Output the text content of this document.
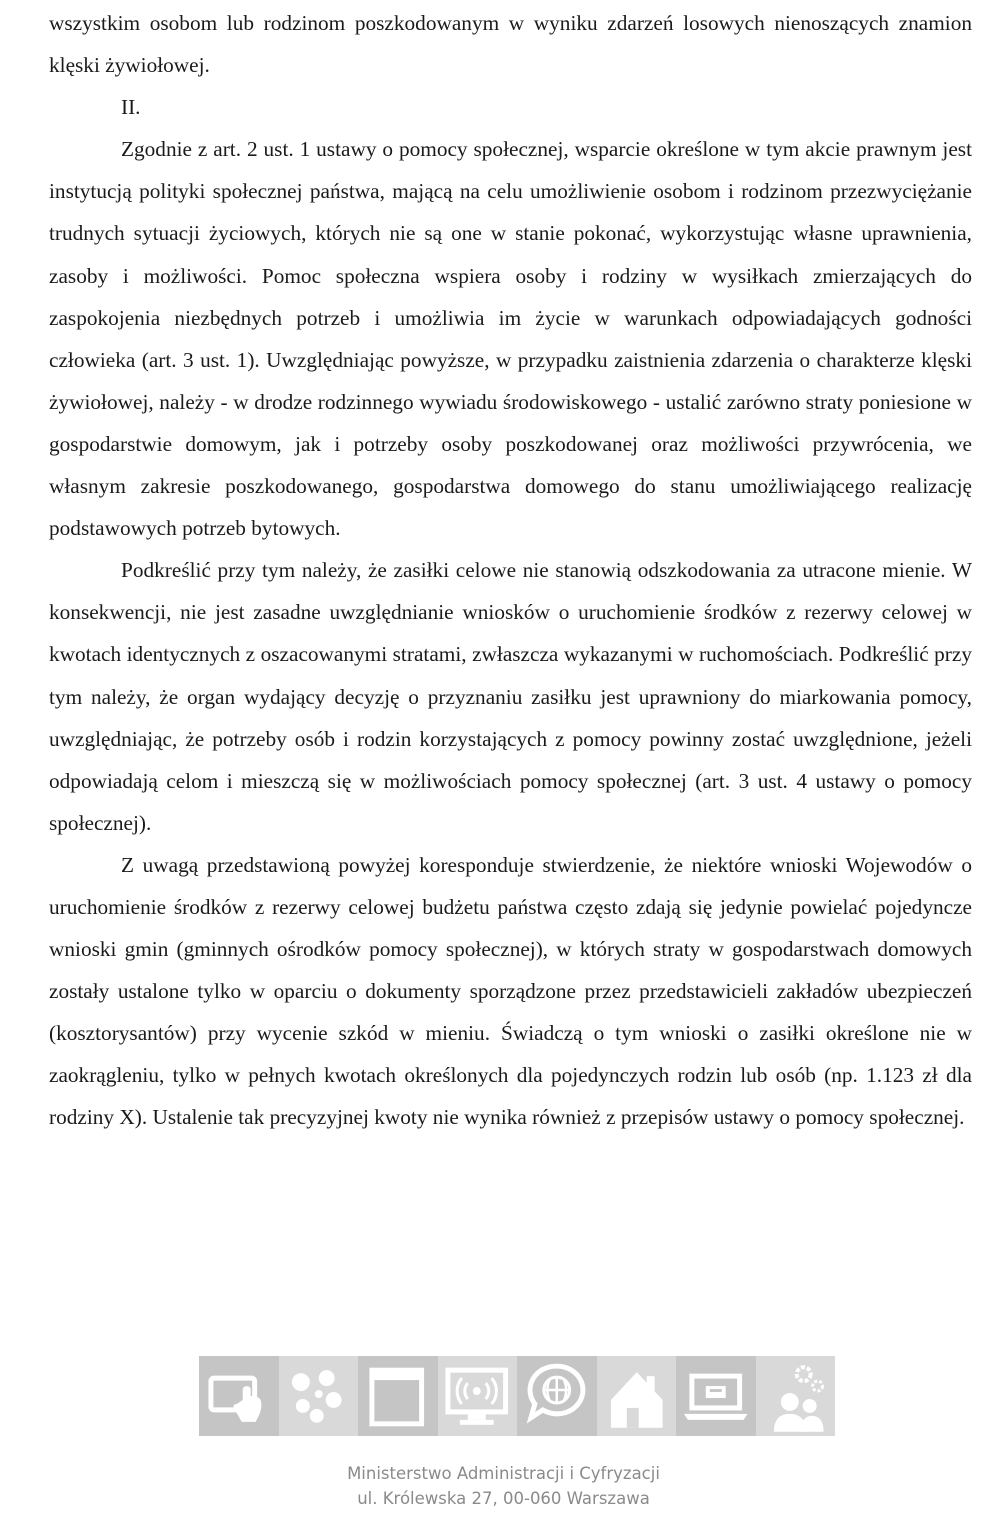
wszystkim osobom lub rodzinom poszkodowanym w wyniku zdarzeń losowych nienoszących znamion klęski żywiołowej.

II.

Zgodnie z art. 2 ust. 1 ustawy o pomocy społecznej, wsparcie określone w tym akcie prawnym jest instytucją polityki społecznej państwa, mającą na celu umożliwienie osobom i rodzinom przezwyciężanie trudnych sytuacji życiowych, których nie są one w stanie pokonać, wykorzystując własne uprawnienia, zasoby i możliwości. Pomoc społeczna wspiera osoby i rodziny w wysiłkach zmierzających do zaspokojenia niezbędnych potrzeb i umożliwia im życie w warunkach odpowiadających godności człowieka (art. 3 ust. 1). Uwzględniając powyższe, w przypadku zaistnienia zdarzenia o charakterze klęski żywiołowej, należy - w drodze rodzinnego wywiadu środowiskowego - ustalić zarówno straty poniesione w gospodarstwie domowym, jak i potrzeby osoby poszkodowanej oraz możliwości przywrócenia, we własnym zakresie poszkodowanego, gospodarstwa domowego do stanu umożliwiającego realizację podstawowych potrzeb bytowych.

Podkreślić przy tym należy, że zasiłki celowe nie stanowią odszkodowania za utracone mienie. W konsekwencji, nie jest zasadne uwzględnianie wniosków o uruchomienie środków z rezerwy celowej w kwotach identycznych z oszacowanymi stratami, zwłaszcza wykazanymi w ruchomościach. Podkreślić przy tym należy, że organ wydający decyzję o przyznaniu zasiłku jest uprawniony do miarkowania pomocy, uwzględniając, że potrzeby osób i rodzin korzystających z pomocy powinny zostać uwzględnione, jeżeli odpowiadają celom i mieszczą się w możliwościach pomocy społecznej (art. 3 ust. 4 ustawy o pomocy społecznej).

Z uwagą przedstawioną powyżej koresponduje stwierdzenie, że niektóre wnioski Wojewodów o uruchomienie środków z rezerwy celowej budżetu państwa często zdają się jedynie powielać pojedyncze wnioski gmin (gminnych ośrodków pomocy społecznej), w których straty w gospodarstwach domowych zostały ustalone tylko w oparciu o dokumenty sporządzone przez przedstawicieli zakładów ubezpieczeń (kosztorysantów) przy wycenie szkód w mieniu. Świadczą o tym wnioski o zasiłki określone nie w zaokrągleniu, tylko w pełnych kwotach określonych dla pojedynczych rodzin lub osób (np. 1.123 zł dla rodziny X). Ustalenie tak precyzyjnej kwoty nie wynika również z przepisów ustawy o pomocy społecznej.

Ministerstwo Administracji i Cyfryzacji
ul. Królewska 27, 00-060 Warszawa
